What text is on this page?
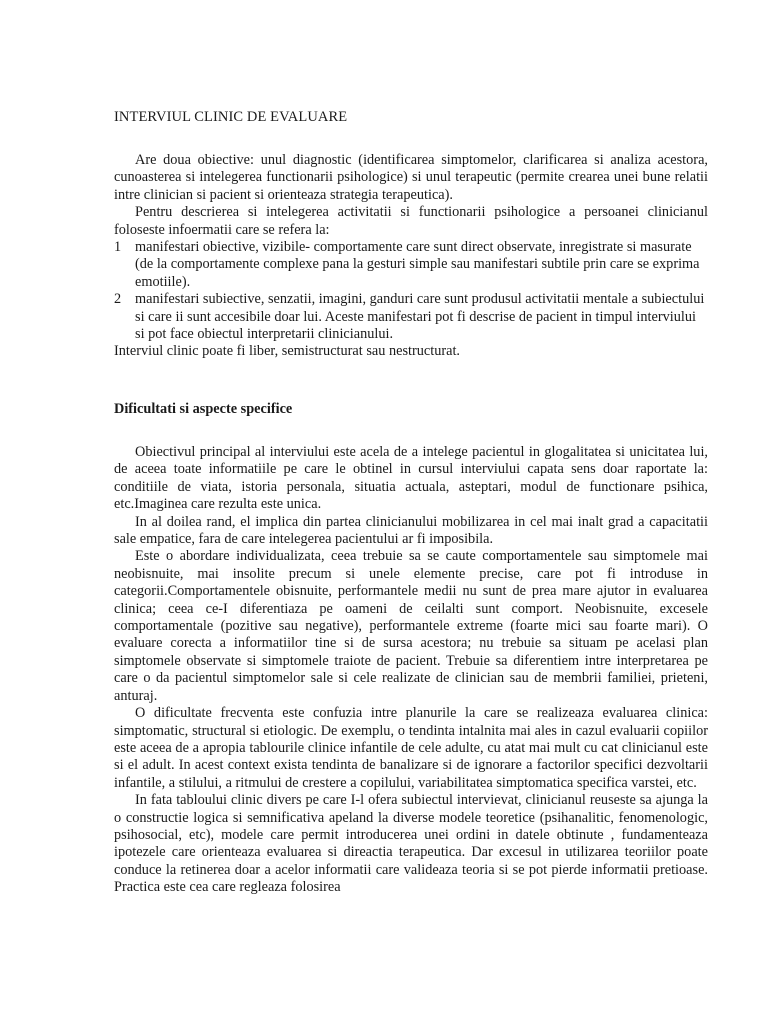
INTERVIUL CLINIC DE EVALUARE

Are doua obiective: unul diagnostic (identificarea simptomelor, clarificarea si analiza acestora, cunoasterea si intelegerea functionarii psihologice) si unul terapeutic (permite crearea unei bune relatii intre clinician si pacient si orienteaza strategia terapeutica).

Pentru descrierea si intelegerea activitatii si functionarii psihologice a persoanei clinicianul foloseste infoermatii care se refera la:

1 manifestari obiective, vizibile- comportamente care sunt direct observate, inregistrate si masurate (de la comportamente complexe pana la gesturi simple sau manifestari subtile prin care se exprima emotiile).
2 manifestari subiective, senzatii, imagini, ganduri care sunt produsul activitatii mentale a subiectului si care ii sunt accesibile doar lui. Aceste manifestari pot fi descrise de pacient in timpul interviului si pot face obiectul interpretarii clinicianului.

Interviul clinic poate fi liber, semistructurat sau nestructurat.

Dificultati si aspecte specifice

Obiectivul principal al interviului este acela de a intelege pacientul in glogalitatea si unicitatea lui, de aceea toate informatiile pe care le obtinel in cursul interviului capata sens doar raportate la: conditiile de viata, istoria personala, situatia actuala, asteptari, modul de functionare psihica, etc.Imaginea care rezulta este unica.

In al doilea rand, el implica din partea clinicianului mobilizarea in cel mai inalt grad a capacitatii sale empatice, fara de care intelegerea pacientului ar fi imposibila.

Este o abordare individualizata, ceea trebuie sa se caute comportamentele sau simptomele mai neobisnuite, mai insolite precum si unele elemente precise, care pot fi introduse in categorii.Comportamentele obisnuite, performantele medii nu sunt de prea mare ajutor in evaluarea clinica; ceea ce-I diferentiaza pe oameni de ceilalti sunt comport. Neobisnuite, excesele comportamentale (pozitive sau negative), performantele extreme (foarte mici sau foarte mari). O evaluare corecta a informatiilor tine si de sursa acestora; nu trebuie sa situam pe acelasi plan simptomele observate si simptomele traiote de pacient. Trebuie sa diferentiem intre interpretarea pe care o da pacientul simptomelor sale si cele realizate de clinician sau de membrii familiei, prieteni, anturaj.

O dificultate frecventa este confuzia intre planurile la care se realizeaza evaluarea clinica: simptomatic, structural si etiologic. De exemplu, o tendinta intalnita mai ales in cazul evaluarii copiilor este aceea de a apropia tablourile clinice infantile de cele adulte, cu atat mai mult cu cat clinicianul este si el adult. In acest context exista tendinta de banalizare si de ignorare a factorilor specifici dezvoltarii infantile, a stilului, a ritmului de crestere a copilului, variabilitatea simptomatica specifica varstei, etc.

In fata tabloului clinic divers pe care I-l ofera subiectul intervievat, clinicianul reuseste sa ajunga la o constructie logica si semnificativa apeland la diverse modele teoretice (psihanalitic, fenomenologic, psihosocial, etc), modele care permit introducerea unei ordini in datele obtinute , fundamenteaza ipotezele care orienteaza evaluarea si direactia terapeutica. Dar excesul in utilizarea teoriilor poate conduce la retinerea doar a acelor informatii care valideaza teoria si se pot pierde informatii pretioase. Practica este cea care regleaza folosirea
